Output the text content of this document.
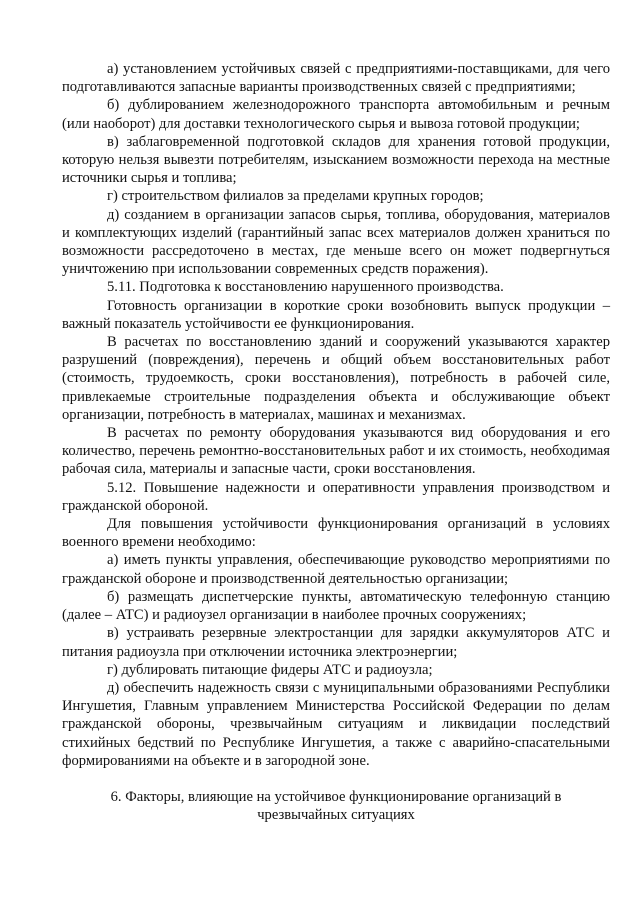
а) установлением устойчивых связей с предприятиями-поставщиками, для чего подготавливаются запасные варианты производственных связей с предприятиями;

б) дублированием железнодорожного транспорта автомобильным и речным (или наоборот) для доставки технологического сырья и вывоза готовой продукции;

в) заблаговременной подготовкой складов для хранения готовой продукции, которую нельзя вывезти потребителям, изысканием возможности перехода на местные источники сырья и топлива;

г) строительством филиалов за пределами крупных городов;

д) созданием в организации запасов сырья, топлива, оборудования, материалов и комплектующих изделий (гарантийный запас всех материалов должен храниться по возможности рассредоточено в местах, где меньше всего он может подвергнуться уничтожению при использовании современных средств поражения).

5.11. Подготовка к восстановлению нарушенного производства.

Готовность организации в короткие сроки возобновить выпуск продукции – важный показатель устойчивости ее функционирования.

В расчетах по восстановлению зданий и сооружений указываются характер разрушений (повреждения), перечень и общий объем восстановительных работ (стоимость, трудоемкость, сроки восстановления), потребность в рабочей силе, привлекаемые строительные подразделения объекта и обслуживающие объект организации, потребность в материалах, машинах и механизмах.

В расчетах по ремонту оборудования указываются вид оборудования и его количество, перечень ремонтно-восстановительных работ и их стоимость, необходимая рабочая сила, материалы и запасные части, сроки восстановления.

5.12. Повышение надежности и оперативности управления производством и гражданской обороной.

Для повышения устойчивости функционирования организаций в условиях военного времени необходимо:

а) иметь пункты управления, обеспечивающие руководство мероприятиями по гражданской обороне и производственной деятельностью организации;

б) размещать диспетчерские пункты, автоматическую телефонную станцию (далее – АТС) и радиоузел организации в наиболее прочных сооружениях;

в) устраивать резервные электростанции для зарядки аккумуляторов АТС и питания радиоузла при отключении источника электроэнергии;

г) дублировать питающие фидеры АТС и радиоузла;

д) обеспечить надежность связи с муниципальными образованиями Республики Ингушетия, Главным управлением Министерства Российской Федерации по делам гражданской обороны, чрезвычайным ситуациям и ликвидации последствий стихийных бедствий по Республике Ингушетия, а также с аварийно-спасательными формированиями на объекте и в загородной зоне.

6. Факторы, влияющие на устойчивое функционирование организаций в
чрезвычайных ситуациях
